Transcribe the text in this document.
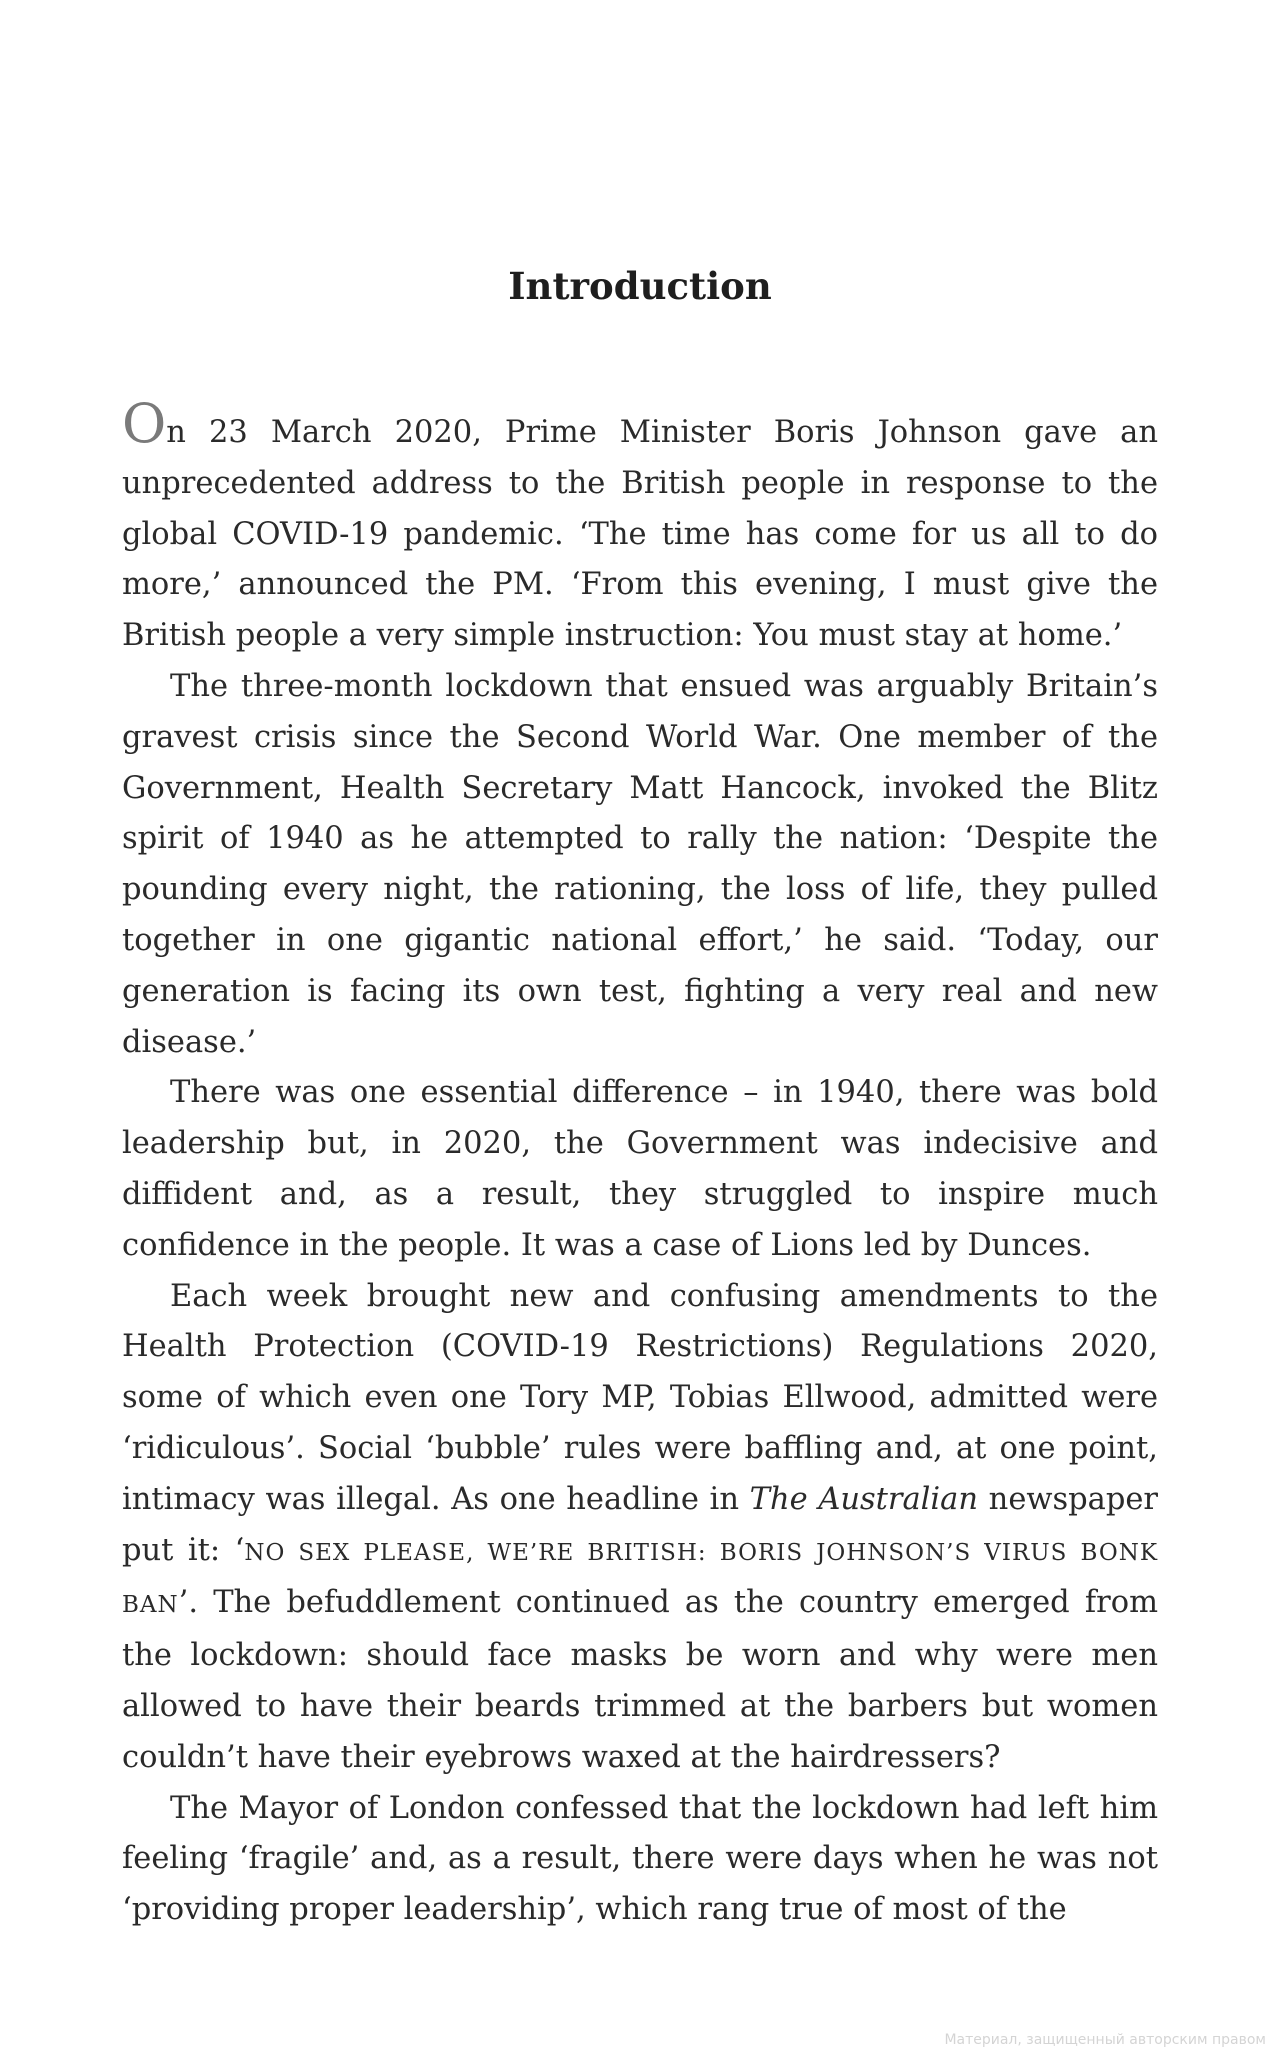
Introduction

On 23 March 2020, Prime Minister Boris Johnson gave an unprecedented address to the British people in response to the global COVID-19 pandemic. ‘The time has come for us all to do more,’ announced the PM. ‘From this evening, I must give the British people a very simple instruction: You must stay at home.’

The three-month lockdown that ensued was arguably Britain’s gravest crisis since the Second World War. One member of the Government, Health Secretary Matt Hancock, invoked the Blitz spirit of 1940 as he attempted to rally the nation: ‘Despite the pounding every night, the rationing, the loss of life, they pulled together in one gigantic national effort,’ he said. ‘Today, our generation is facing its own test, fighting a very real and new disease.’

There was one essential difference – in 1940, there was bold leadership but, in 2020, the Government was indecisive and diffident and, as a result, they struggled to inspire much confidence in the people. It was a case of Lions led by Dunces.

Each week brought new and confusing amendments to the Health Protection (COVID-19 Restrictions) Regulations 2020, some of which even one Tory MP, Tobias Ellwood, admitted were ‘ridiculous’. Social ‘bubble’ rules were baffling and, at one point, intimacy was illegal. As one headline in The Australian newspaper put it: ‘NO SEX PLEASE, WE’RE BRITISH: BORIS JOHNSON’S VIRUS BONK BAN’. The befuddlement continued as the country emerged from the lockdown: should face masks be worn and why were men allowed to have their beards trimmed at the barbers but women couldn’t have their eyebrows waxed at the hairdressers?

The Mayor of London confessed that the lockdown had left him feeling ‘fragile’ and, as a result, there were days when he was not ‘providing proper leadership’, which rang true of most of the

Материал, защищенный авторским правом
